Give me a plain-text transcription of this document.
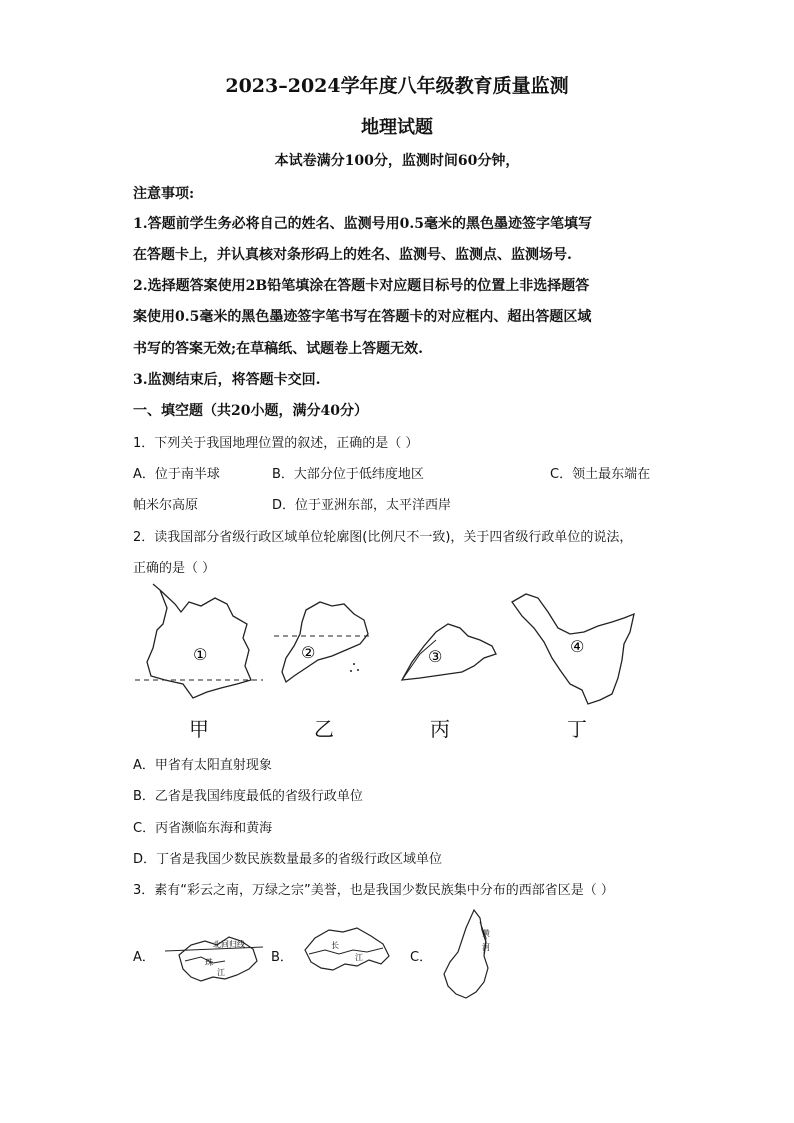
2023–2024学年度八年级教育质量监测
地理试题
本试卷满分100分，监测时间60分钟，
注意事项:
1.答题前学生务必将自己的姓名、监测号用0.5毫米的黑色墨迹签字笔填写
在答题卡上，并认真核对条形码上的姓名、监测号、监测点、监测场号.
2.选择题答案使用2B铅笔填涂在答题卡对应题目标号的位置上非选择题答
案使用0.5毫米的黑色墨迹签字笔书写在答题卡的对应框内、超出答题区域
书写的答案无效;在草稿纸、试题卷上答题无效.
3.监测结束后，将答题卡交回.
一、填空题（共20小题，满分40分）
1．下列关于我国地理位置的叙述，正确的是（ ）
A．位于南半球	B．大部分位于低纬度地区	C．领土最东端在
帕米尔高原	D．位于亚洲东部，太平洋西岸
2．读我国部分省级行政区域单位轮廓图(比例尺不一致)，关于四省级行政单位的说法，
正确的是（ ）
①	②	③
④
甲	乙	丙	丁
A．甲省有太阳直射现象
B．乙省是我国纬度最低的省级行政单位
C．丙省濒临东海和黄海
D．丁省是我国少数民族数量最多的省级行政区域单位
3．素有“彩云之南，万绿之宗”美誉，也是我国少数民族集中分布的西部省区是（ ）
A．
北回归线
珠
江
B．
长
江	C．
黄
河
